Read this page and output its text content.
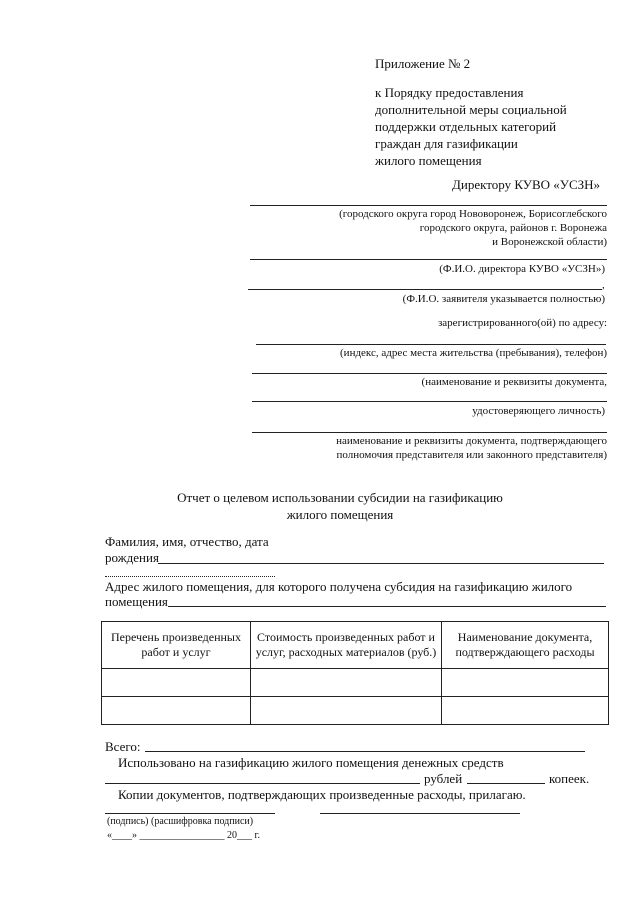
Приложение № 2
к Порядку предоставления
дополнительной меры социальной
поддержки отдельных категорий
граждан для газификации
жилого помещения
Директору КУВО «УСЗН»
(городского округа город Нововоронеж, Борисоглебского
городского округа, районов г. Воронежа
и Воронежской области)
(Ф.И.О. директора КУВО «УСЗН»)
,
(Ф.И.О. заявителя указывается полностью)
зарегистрированного(ой) по адресу:
(индекс, адрес места жительства (пребывания), телефон)
(наименование и реквизиты документа,
удостоверяющего личность)
наименование и реквизиты документа, подтверждающего
полномочия представителя или законного представителя)
Отчет о целевом использовании субсидии на газификацию
жилого помещения
Фамилия, имя, отчество, дата
рождения
Адрес жилого помещения, для которого получена субсидия на газификацию жилого
помещения
Перечень произведенных работ и услуг	Стоимость произведенных работ и услуг, расходных материалов (руб.)	Наименование документа, подтверждающего расходы

Всего:
Использовано на газификацию жилого помещения денежных средств
рублей	копеек.
Копии документов, подтверждающих произведенные расходы, прилагаю.
(подпись) (расшифровка подписи)
«____» _________________ 20___ г.
